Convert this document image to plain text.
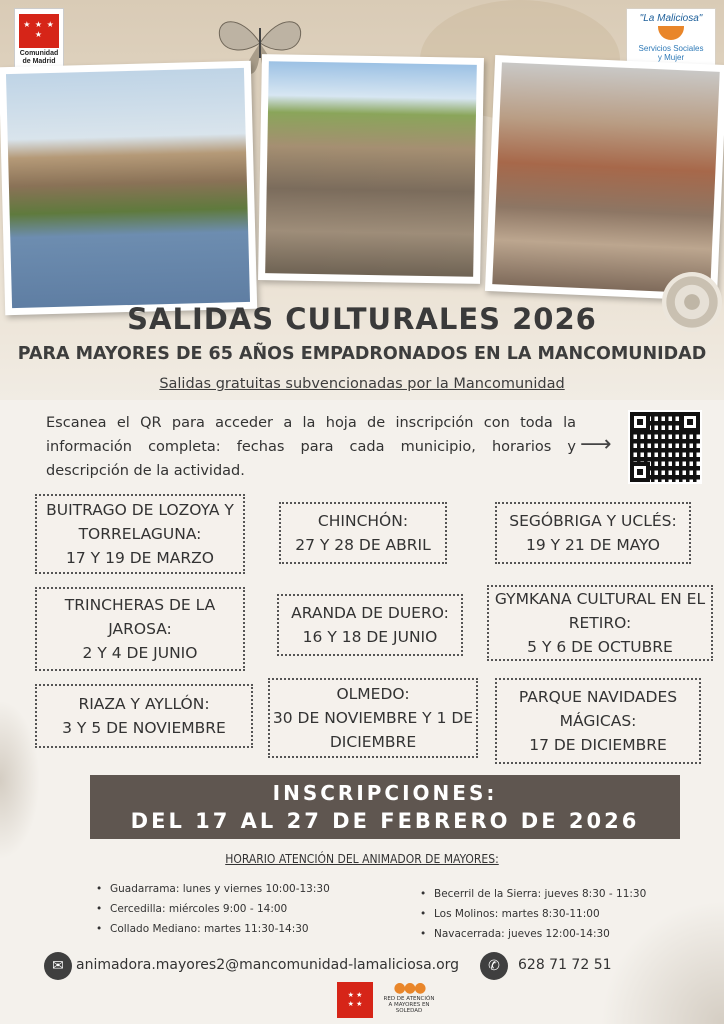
★ ★ ★ ★
Comunidad
de Madrid
"La Maliciosa"
Servicios Sociales
y Mujer
SALIDAS CULTURALES 2026
PARA MAYORES DE 65 AÑOS EMPADRONADOS EN LA MANCOMUNIDAD
Salidas gratuitas subvencionadas por la Mancomunidad

Escanea el QR para acceder a la hoja de inscripción con toda la información completa: fechas para cada municipio, horarios y descripción de la actividad.

⟶
BUITRAGO DE LOZOYA Y TORRELAGUNA:
17 Y 19 DE MARZO
CHINCHÓN:
27 Y 28 DE ABRIL
SEGÓBRIGA Y UCLÉS:
19 Y 21 DE MAYO
TRINCHERAS DE LA JAROSA:
2 Y 4 DE JUNIO
ARANDA DE DUERO:
16 Y 18 DE JUNIO
GYMKANA CULTURAL EN EL RETIRO:
5 Y 6 DE OCTUBRE
RIAZA Y AYLLÓN:
3 Y 5 DE NOVIEMBRE
OLMEDO:
30 DE NOVIEMBRE Y 1 DE DICIEMBRE
PARQUE NAVIDADES MÁGICAS:
17 DE DICIEMBRE
INSCRIPCIONES:
DEL 17 AL 27 DE FEBRERO DE 2026
HORARIO ATENCIÓN DEL ANIMADOR DE MAYORES:
• Guadarrama: lunes y viernes 10:00-13:30
• Cercedilla: miércoles 9:00 - 14:00
• Collado Mediano: martes 11:30-14:30
• Becerril de la Sierra: jueves 8:30 - 11:30
• Los Molinos: martes 8:30-11:00
• Navacerrada: jueves 12:00-14:30
✉ animadora.mayores2@mancomunidad-lamaliciosa.org	✆	628 71 72 51
★ ★
★ ★
●●●
RED DE ATENCIÓN
A MAYORES EN SOLEDAD
